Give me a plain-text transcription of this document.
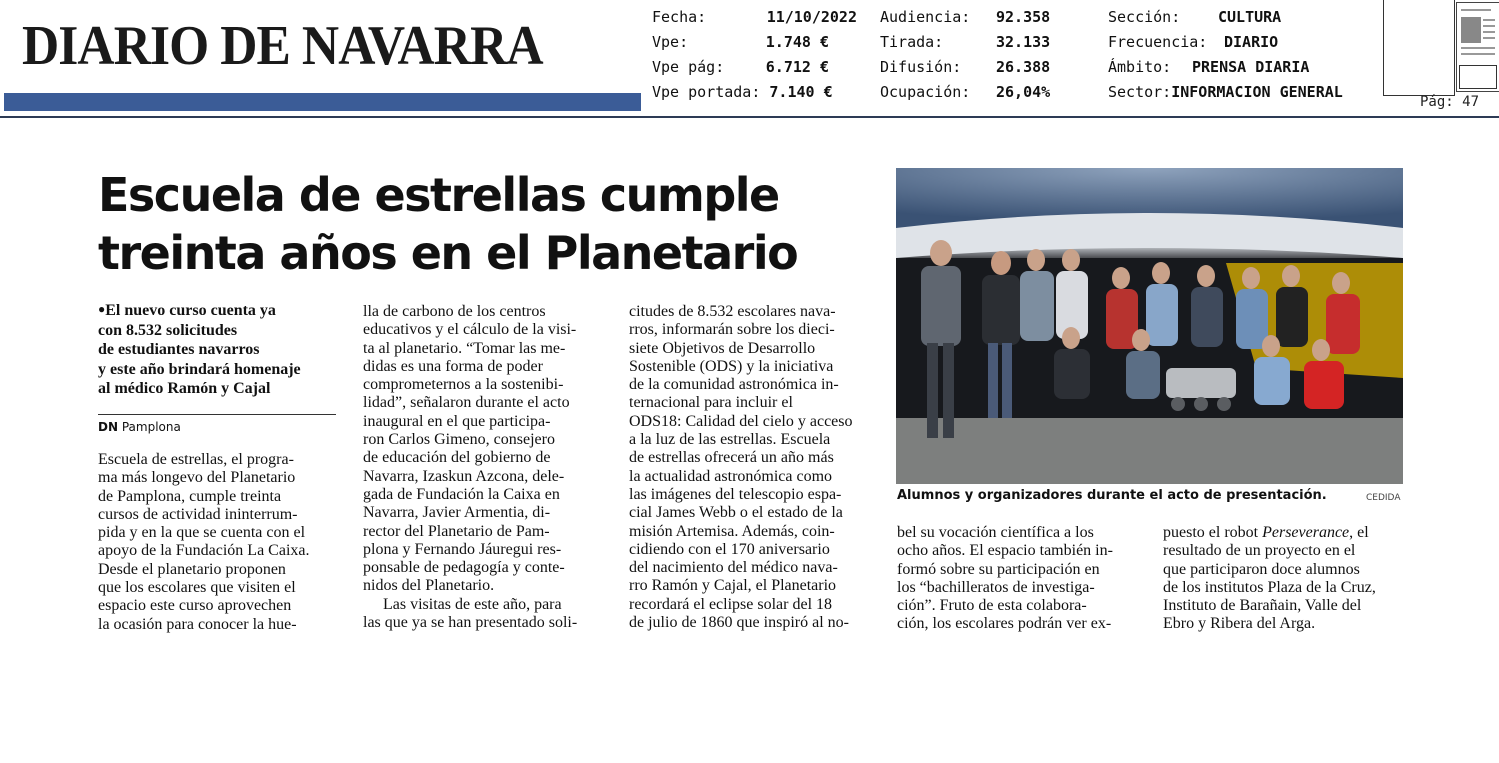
DIARIO DE NAVARRA	Fecha:	11/10/2022
Vpe:	1.748 €
Vpe pág:	6.712 €
Vpe portada: 7.140 €
Audiencia: 92.358
Tirada:	32.133
Difusión: 26.388
Ocupación: 26,04%
Sección:	CULTURA
Frecuencia: DIARIO
Ámbito: PRENSA DIARIA
Sector:INFORMACION GENERAL
Pág: 47
Escuela de estrellas cumple
treinta años en el Planetario
●El nuevo curso cuenta ya
con 8.532 solicitudes
de estudiantes navarros
y este año brindará homenaje
al médico Ramón y Cajal
DN Pamplona

Escuela de estrellas, el progra-

ma más longevo del Planetario

de Pamplona, cumple treinta

cursos de actividad ininterrum-

pida y en la que se cuenta con el

apoyo de la Fundación La Caixa.

Desde el planetario proponen

que los escolares que visiten el

espacio este curso aprovechen

la ocasión para conocer la hue-

lla de carbono de los centros

educativos y el cálculo de la visi-

ta al planetario. “Tomar las me-

didas es una forma de poder

comprometernos a la sostenibi-

lidad”, señalaron durante el acto

inaugural en el que participa-

ron Carlos Gimeno, consejero

de educación del gobierno de

Navarra, Izaskun Azcona, dele-

gada de Fundación la Caixa en

Navarra, Javier Armentia, di-

rector del Planetario de Pam-

plona y Fernando Jáuregui res-

ponsable de pedagogía y conte-

nidos del Planetario.

Las visitas de este año, para

las que ya se han presentado soli-

citudes de 8.532 escolares nava-

rros, informarán sobre los dieci-

siete Objetivos de Desarrollo

Sostenible (ODS) y la iniciativa

de la comunidad astronómica in-

ternacional para incluir el

ODS18: Calidad del cielo y acceso

a la luz de las estrellas. Escuela

de estrellas ofrecerá un año más

la actualidad astronómica como

las imágenes del telescopio espa-

cial James Webb o el estado de la

misión Artemisa. Además, coin-

cidiendo con el 170 aniversario

del nacimiento del médico nava-

rro Ramón y Cajal, el Planetario

recordará el eclipse solar del 18

de julio de 1860 que inspiró al no-

Alumnos y organizadores durante el acto de presentación.	CEDIDA

bel su vocación científica a los

ocho años. El espacio también in-

formó sobre su participación en

los “bachilleratos de investiga-

ción”. Fruto de esta colabora-

ción, los escolares podrán ver ex-

puesto el robot Perseverance, el

resultado de un proyecto en el

que participaron doce alumnos

de los institutos Plaza de la Cruz,

Instituto de Barañain, Valle del

Ebro y Ribera del Arga.
